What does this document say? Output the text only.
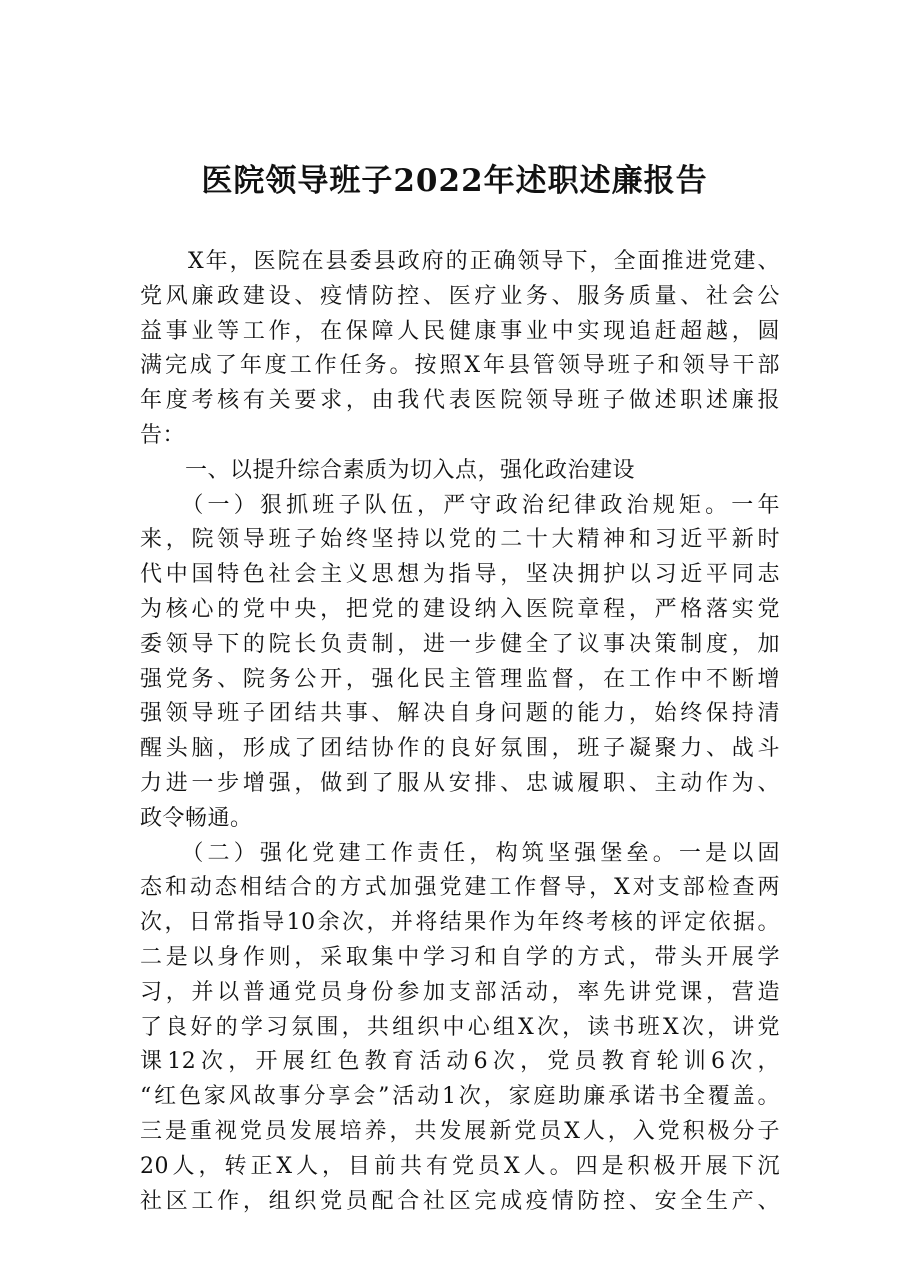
医院领导班子2022年述职述廉报告
　　X年，医院在县委县政府的正确领导下，全面推进党建、
党风廉政建设、疫情防控、医疗业务、服务质量、社会公
益事业等工作，在保障人民健康事业中实现追赶超越，圆
满完成了年度工作任务。按照X年县管领导班子和领导干部
年度考核有关要求，由我代表医院领导班子做述职述廉报
告：
　　一、以提升综合素质为切入点，强化政治建设
　　（一）狠抓班子队伍，严守政治纪律政治规矩。一年
来，院领导班子始终坚持以党的二十大精神和习近平新时
代中国特色社会主义思想为指导，坚决拥护以习近平同志
为核心的党中央，把党的建设纳入医院章程，严格落实党
委领导下的院长负责制，进一步健全了议事决策制度，加
强党务、院务公开，强化民主管理监督，在工作中不断增
强领导班子团结共事、解决自身问题的能力，始终保持清
醒头脑，形成了团结协作的良好氛围，班子凝聚力、战斗
力进一步增强，做到了服从安排、忠诚履职、主动作为、
政令畅通。
　　（二）强化党建工作责任，构筑坚强堡垒。一是以固
态和动态相结合的方式加强党建工作督导，X对支部检查两
次，日常指导10余次，并将结果作为年终考核的评定依据。
二是以身作则，采取集中学习和自学的方式，带头开展学
习，并以普通党员身份参加支部活动，率先讲党课，营造
了良好的学习氛围，共组织中心组X次，读书班X次，讲党
课12次，开展红色教育活动6次，党员教育轮训6次，
“红色家风故事分享会”活动1次，家庭助廉承诺书全覆盖。
三是重视党员发展培养，共发展新党员X人，入党积极分子
20人，转正X人，目前共有党员X人。四是积极开展下沉
社区工作，组织党员配合社区完成疫情防控、安全生产、
